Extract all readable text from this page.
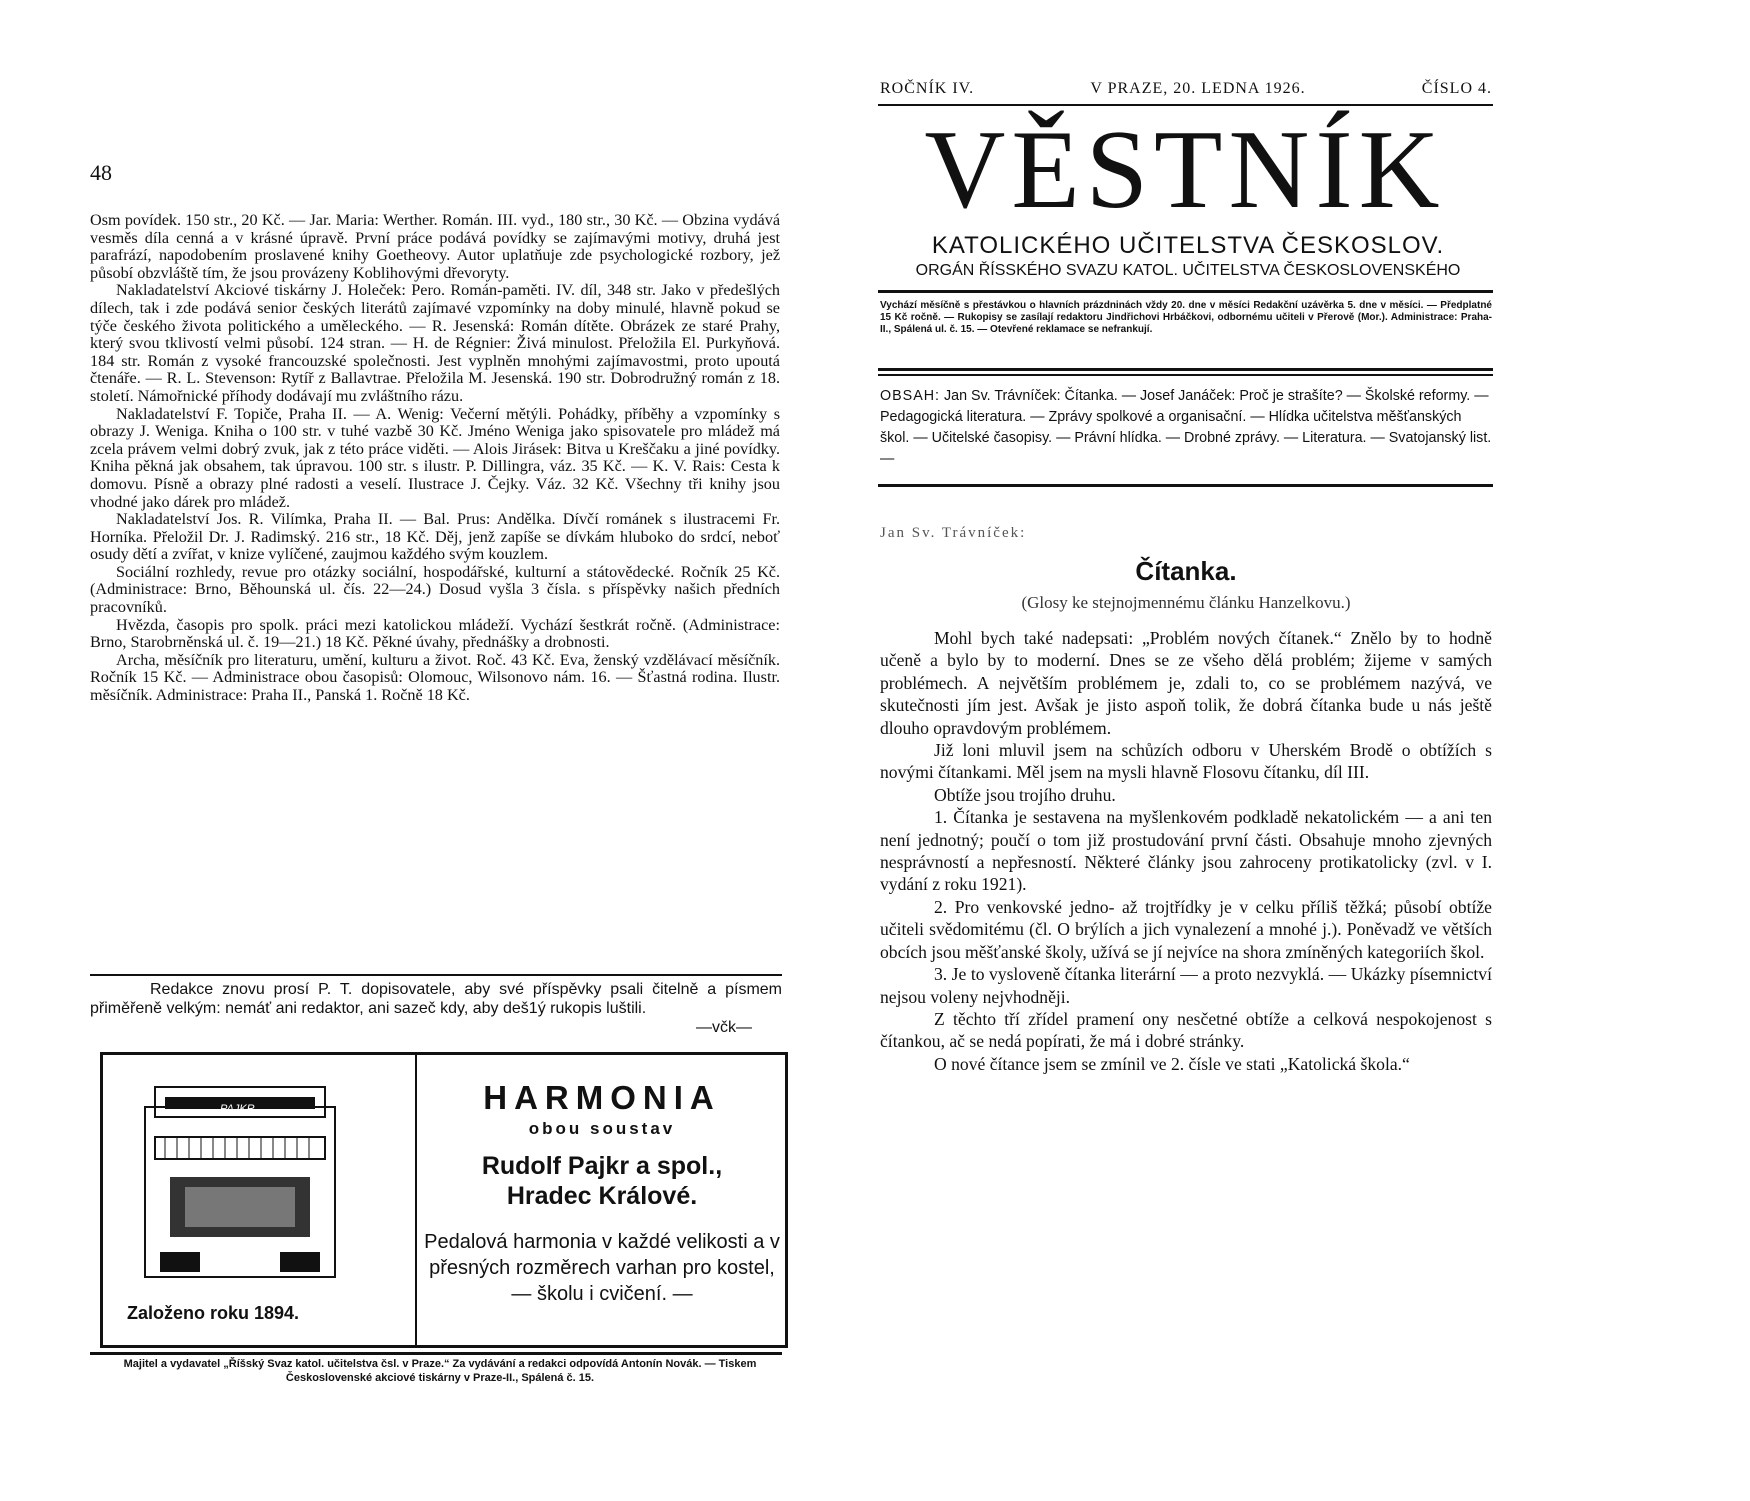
48

Osm povídek. 150 str., 20 Kč. — Jar. Maria: Werther. Román. III. vyd., 180 str., 30 Kč. — Obzina vydává vesměs díla cenná a v krásné úpravě. První práce podává povídky se zajímavými motivy, druhá jest parafrází, napodobením proslavené knihy Goetheovy. Autor uplatňuje zde psychologické rozbory, jež působí obzvláště tím, že jsou provázeny Koblihovými dřevoryty.

Nakladatelství Akciové tiskárny J. Holeček: Pero. Román-paměti. IV. díl, 348 str. Jako v předešlých dílech, tak i zde podává senior českých literátů zajímavé vzpomínky na doby minulé, hlavně pokud se týče českého života politického a uměleckého. — R. Jesenská: Román dítěte. Obrázek ze staré Prahy, který svou tklivostí velmi působí. 124 stran. — H. de Régnier: Živá minulost. Přeložila El. Purkyňová. 184 str. Román z vysoké francouzské společnosti. Jest vyplněn mnohými zajímavostmi, proto upoutá čtenáře. — R. L. Stevenson: Rytíř z Ballavtrae. Přeložila M. Jesenská. 190 str. Dobrodružný román z 18. století. Námořnické příhody dodávají mu zvláštního rázu.

Nakladatelství F. Topiče, Praha II. — A. Wenig: Večerní mětýli. Pohádky, příběhy a vzpomínky s obrazy J. Weniga. Kniha o 100 str. v tuhé vazbě 30 Kč. Jméno Weniga jako spisovatele pro mládež má zcela právem velmi dobrý zvuk, jak z této práce viděti. — Alois Jirásek: Bitva u Kreščaku a jiné povídky. Kniha pěkná jak obsahem, tak úpravou. 100 str. s ilustr. P. Dillingra, váz. 35 Kč. — K. V. Rais: Cesta k domovu. Písně a obrazy plné radosti a veselí. Ilustrace J. Čejky. Váz. 32 Kč. Všechny tři knihy jsou vhodné jako dárek pro mládež.

Nakladatelství Jos. R. Vilímka, Praha II. — Bal. Prus: Andělka. Dívčí románek s ilustracemi Fr. Horníka. Přeložil Dr. J. Radimský. 216 str., 18 Kč. Děj, jenž zapíše se dívkám hluboko do srdcí, neboť osudy dětí a zvířat, v knize vylíčené, zaujmou každého svým kouzlem.

Sociální rozhledy, revue pro otázky sociální, hospodářské, kulturní a státovědecké. Ročník 25 Kč. (Administrace: Brno, Běhounská ul. čís. 22—24.) Dosud vyšla 3 čísla. s příspěvky našich předních pracovníků.

Hvězda, časopis pro spolk. práci mezi katolickou mládeží. Vychází šestkrát ročně. (Administrace: Brno, Starobrněnská ul. č. 19—21.) 18 Kč. Pěkné úvahy, přednášky a drobnosti.

Archa, měsíčník pro literaturu, umění, kulturu a život. Roč. 43 Kč. Eva, ženský vzdělávací měsíčník. Ročník 15 Kč. — Administrace obou časopisů: Olomouc, Wilsonovo nám. 16. — Šťastná rodina. Ilustr. měsíčník. Administrace: Praha II., Panská 1. Ročně 18 Kč.

Redakce znovu prosí P. T. dopisovatele, aby své příspěvky psali čitelně a písmem přiměřeně velkým: nemáť ani redaktor, ani sazeč kdy, aby deš1ý rukopis luštili.
—včk—
PAJKR
Založeno roku 1894.
HARMONIA
obou soustav
Rudolf Pajkr a spol.,
Hradec Králové.
Pedalová harmonia v každé velikosti a v přesných rozměrech varhan pro kostel, — školu i cvičení. —
Majitel a vydavatel „Říšský Svaz katol. učitelstva čsl. v Praze.“ Za vydávání a redakci odpovídá Antonín Novák. — Tiskem Československé akciové tiskárny v Praze-II., Spálená č. 15.
ROČNÍK IV.	V PRAZE, 20. LEDNA 1926.	ČÍSLO 4.
VĚSTNÍK
KATOLICKÉHO UČITELSTVA ČESKOSLOV.
ORGÁN ŘÍSSKÉHO SVAZU KATOL. UČITELSTVA ČESKOSLOVENSKÉHO
Vychází měsíčně s přestávkou o hlavních prázdninách vždy 20. dne v měsíci Redakční uzávěrka 5. dne v měsíci. — Předplatné 15 Kč ročně. — Rukopisy se zasílají redaktoru Jindřichovi Hrbáčkovi, odbornému učiteli v Přerově (Mor.). Administrace: Praha-II., Spálená ul. č. 15. — Otevřené reklamace se nefrankují.
OBSAH: Jan Sv. Trávníček: Čítanka. — Josef Janáček: Proč je strašíte? — Školské reformy. — Pedagogická literatura. — Zprávy spolkové a organisační. — Hlídka učitelstva měšťanských škol. — Učitelské časopisy. — Právní hlídka. — Drobné zprávy. — Literatura. — Svatojanský list. —
Jan Sv. Trávníček:
Čítanka.
(Glosy ke stejnojmennému článku Hanzelkovu.)

Mohl bych také nadepsati: „Problém nových čítanek.“ Znělo by to hodně učeně a bylo by to moderní. Dnes se ze všeho dělá problém; žijeme v samých problémech. A největším problémem je, zdali to, co se problémem nazývá, ve skutečnosti jím jest. Avšak je jisto aspoň tolik, že dobrá čítanka bude u nás ještě dlouho opravdovým problémem.

Již loni mluvil jsem na schůzích odboru v Uherském Brodě o obtížích s novými čítankami. Měl jsem na mysli hlavně Flosovu čítanku, díl III.

Obtíže jsou trojího druhu.

1. Čítanka je sestavena na myšlenkovém podkladě nekatolickém — a ani ten není jednotný; poučí o tom již prostudování první části. Obsahuje mnoho zjevných nesprávností a nepřesností. Některé články jsou zahroceny protikatolicky (zvl. v I. vydání z roku 1921).

2. Pro venkovské jedno- až trojtřídky je v celku příliš těžká; působí obtíže učiteli svědomitému (čl. O brýlích a jich vynalezení a mnohé j.). Poněvadž ve větších obcích jsou měšťanské školy, užívá se jí nejvíce na shora zmíněných kategoriích škol.

3. Je to vysloveně čítanka literární — a proto nezvyklá. — Ukázky písemnictví nejsou voleny nejvhodněji.

Z těchto tří zřídel pramení ony nesčetné obtíže a celková nespokojenost s čítankou, ač se nedá popírati, že má i dobré stránky.

O nové čítance jsem se zmínil ve 2. čísle ve stati „Katolická škola.“
